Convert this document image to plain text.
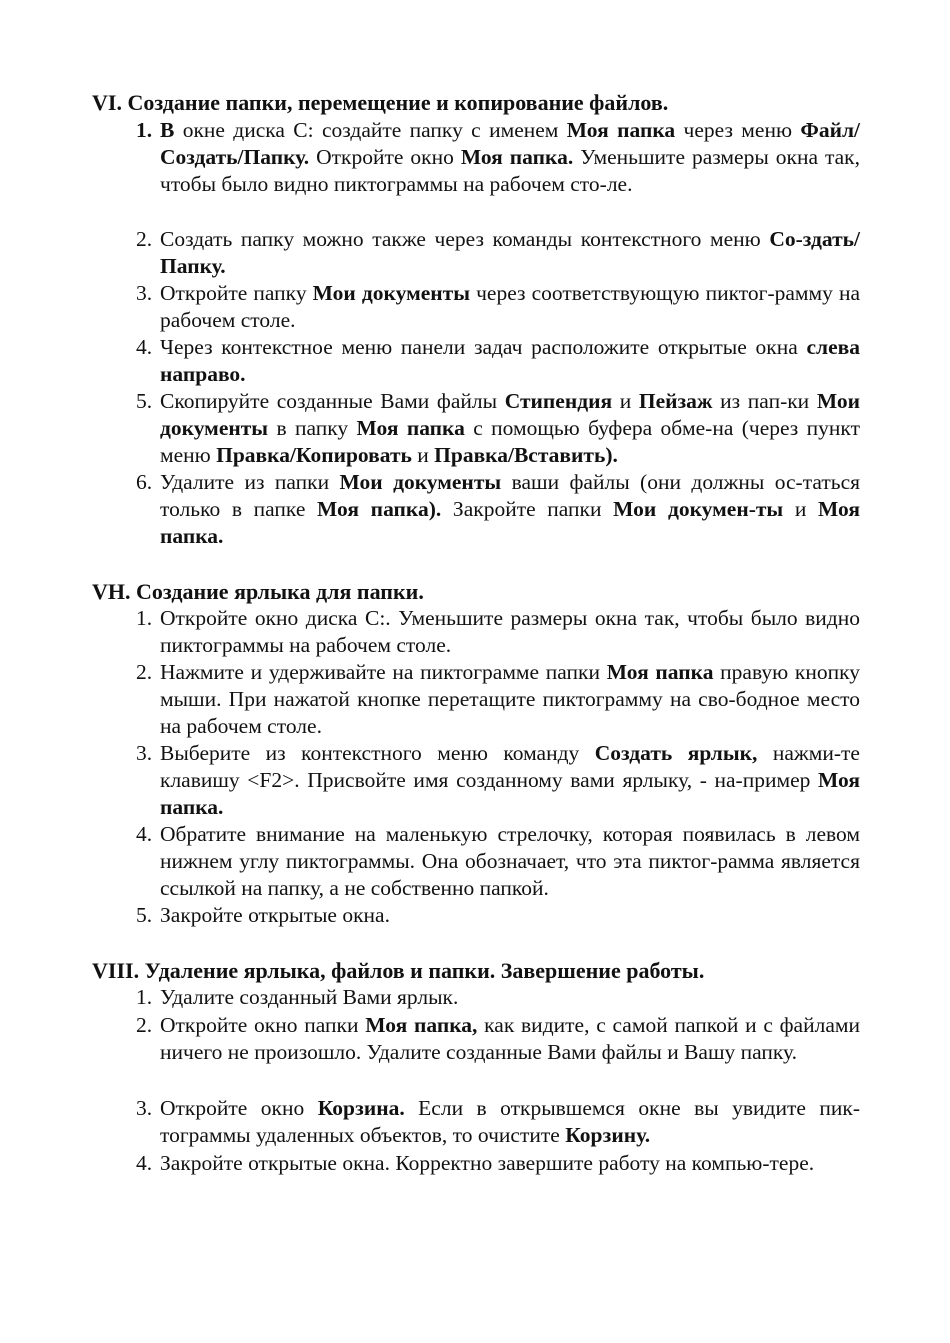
VI. Создание папки, перемещение и копирование файлов.
1. В окне диска С: создайте папку с именем Моя папка через меню Файл/Создать/Папку. Откройте окно Моя папка. Уменьшите размеры окна так, чтобы было видно пиктограммы на рабочем сто-ле.
2. Создать папку можно также через команды контекстного меню Со-здать/Папку.
3. Откройте папку Мои документы через соответствующую пиктог-рамму на рабочем столе.
4. Через контекстное меню панели задач расположите открытые окна слева направо.
5. Скопируйте созданные Вами файлы Стипендия и Пейзаж из пап-ки Мои документы в папку Моя папка с помощью буфера обме-на (через пункт меню Правка/Копировать и Правка/Вставить).
6. Удалите из папки Мои документы ваши файлы (они должны ос-таться только в папке Моя папка). Закройте папки Мои докумен-ты и Моя папка.
VH. Создание ярлыка для папки.
1. Откройте окно диска С:. Уменьшите размеры окна так, чтобы было видно пиктограммы на рабочем столе.
2. Нажмите и удерживайте на пиктограмме папки Моя папка правую кнопку мыши. При нажатой кнопке перетащите пиктограмму на сво-бодное место на рабочем столе.
3. Выберите из контекстного меню команду Создать ярлык, нажми-те клавишу <F2>. Присвойте имя созданному вами ярлыку, - на-пример Моя папка.
4. Обратите внимание на маленькую стрелочку, которая появилась в левом нижнем углу пиктограммы. Она обозначает, что эта пиктог-рамма является ссылкой на папку, а не собственно папкой.
5. Закройте открытые окна.
VIII. Удаление ярлыка, файлов и папки. Завершение работы.
1. Удалите созданный Вами ярлык.
2. Откройте окно папки Моя папка, как видите, с самой папкой и с файлами ничего не произошло. Удалите созданные Вами файлы и Вашу папку.
3. Откройте окно Корзина. Если в открывшемся окне вы увидите пик-тограммы удаленных объектов, то очистите Корзину.
4. Закройте открытые окна. Корректно завершите работу на компью-тере.
